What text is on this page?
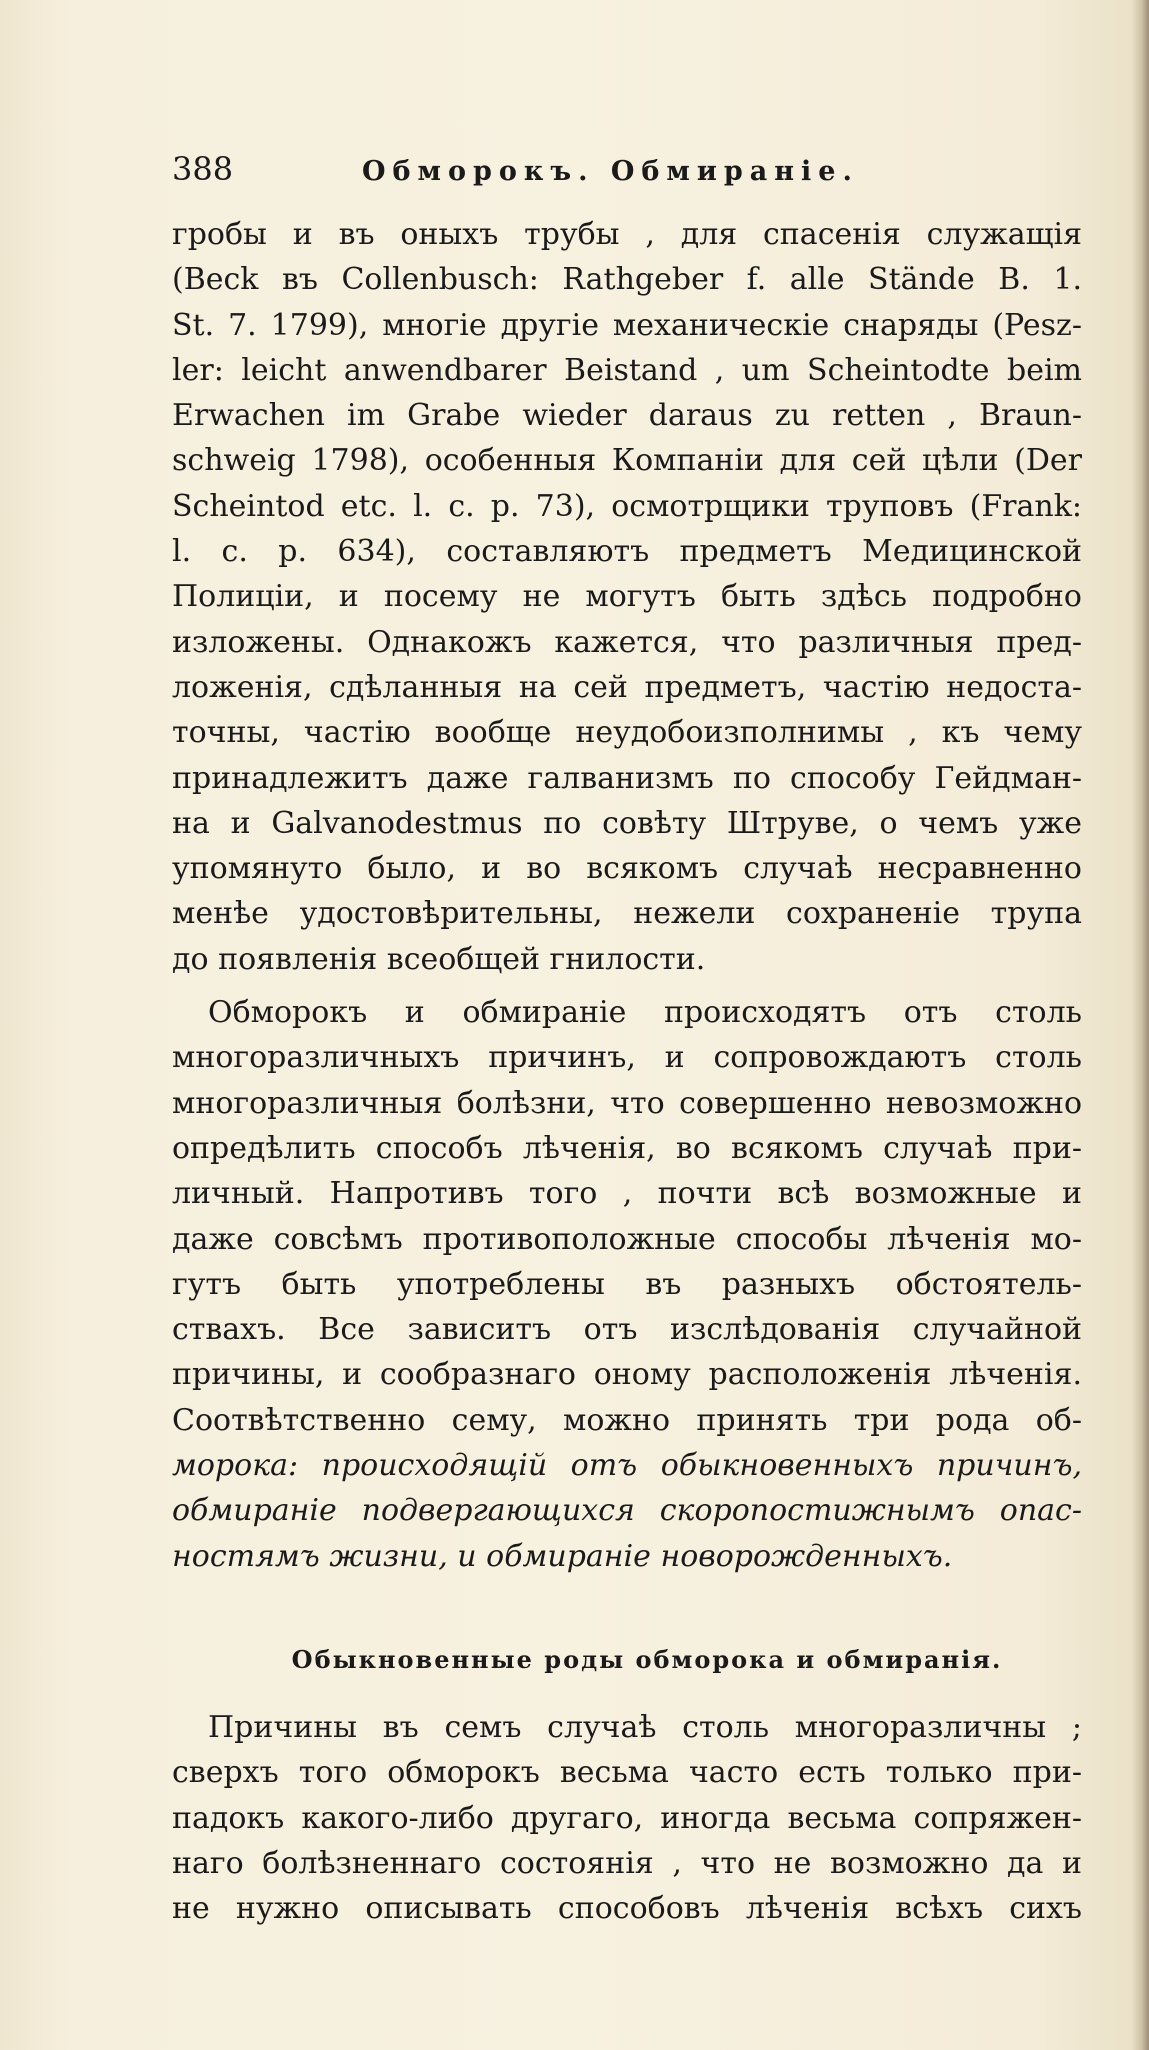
388	Обморокъ. Обмиранiе.
гробы и въ оныхъ трубы , для спасенiя служащiя
(Beck въ Collenbusch: Rathgeber f. alle Stände B. 1.
St. 7. 1799), многiе другiе механическiе снаряды (Pesz-
ler: leicht anwendbarer Beistand , um Scheintodte beim
Erwachen im Grabe wieder daraus zu retten , Braun-
schweig 1798), особенныя Компанiи для сей цѣли (Der
Scheintod etc. l. c. p. 73), осмотрщики труповъ (Frank:
l. c. p. 634), составляютъ предметъ Медицинской
Полицiи, и посему не могутъ быть здѣсь подробно
изложены. Однакожъ кажется, что различныя пред-
ложенiя, сдѣланныя на сей предметъ, частiю недоста-
точны, частiю вообще неудобоизполнимы , къ чему
принадлежитъ даже галванизмъ по способу Гейдман-
на и Galvanodestmus по совѣту Штруве, о чемъ уже
упомянуто было, и во всякомъ случаѣ несравненно
менѣе удостовѣрительны, нежели сохраненiе трупа
до появленiя всеобщей гнилости.
Обморокъ и обмиранiе происходятъ отъ столь
многоразличныхъ причинъ, и сопровождаютъ столь
многоразличныя болѣзни, что совершенно невозможно
опредѣлить способъ лѣченiя, во всякомъ случаѣ при-
личный. Напротивъ того , почти всѣ возможные и
даже совсѣмъ противоположные способы лѣченiя мо-
гутъ быть употреблены въ разныхъ обстоятель-
ствахъ. Все зависитъ отъ изслѣдованiя случайной
причины, и сообразнаго оному расположенiя лѣченiя.
Соотвѣтственно сему, можно принять три рода об-
морока: происходящiй отъ обыкновенныхъ причинъ,
обмиранiе подвергающихся скоропостижнымъ опас-
ностямъ жизни, и обмиранiе новорожденныхъ.
Обыкновенные роды обморока и обмиранiя.
Причины въ семъ случаѣ столь многоразличны ;
сверхъ того обморокъ весьма часто есть только при-
падокъ какого-либо другаго, иногда весьма сопряжен-
наго болѣзненнаго состоянiя , что не возможно да и
не нужно описывать способовъ лѣченiя всѣхъ сихъ
